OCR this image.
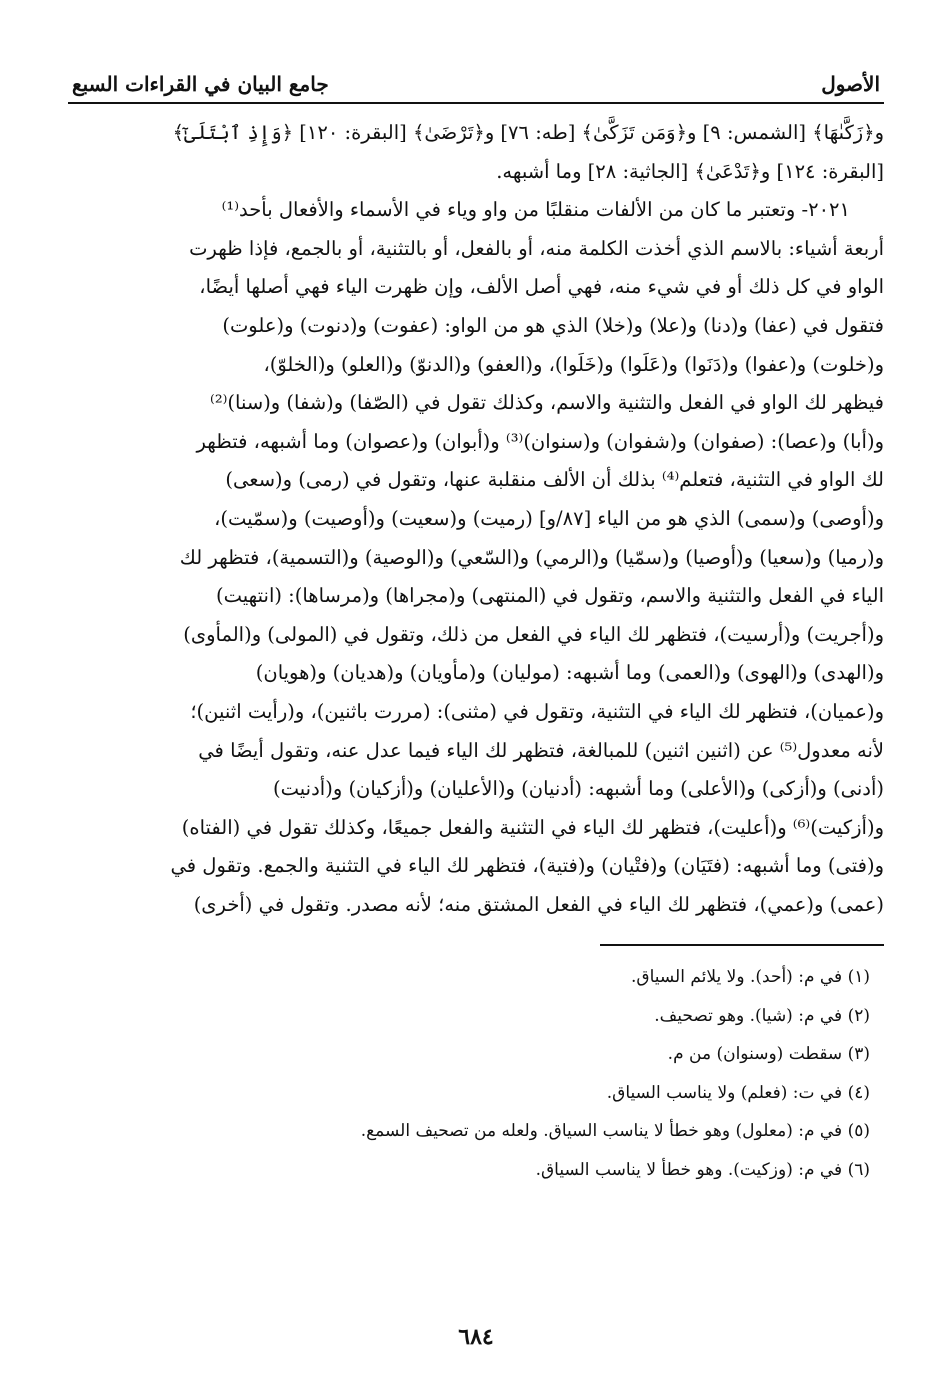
الأصول
جامع البيان في القراءات السبع

و﴿زَكَّىٰهَا﴾ [الشمس: ٩] و﴿وَمَن تَزَكَّىٰ﴾ [طه: ٧٦] و﴿تَرْضَىٰ﴾ [البقرة: ١٢٠] ﴿وَإِذِ ٱبْتَلَىٰٓ﴾

[البقرة: ١٢٤] و﴿تَدْعَىٰ﴾ [الجاثية: ٢٨] وما أشبهه.

٢٠٢١- وتعتبر ما كان من الألفات منقلبًا من واو وياء في الأسماء والأفعال بأحد⁽¹⁾

أربعة أشياء: بالاسم الذي أخذت الكلمة منه، أو بالفعل، أو بالتثنية، أو بالجمع، فإذا ظهرت

الواو في كل ذلك أو في شيء منه، فهي أصل الألف، وإن ظهرت الياء فهي أصلها أيضًا،

فتقول في (عفا) و(دنا) و(علا) و(خلا) الذي هو من الواو: (عفوت) و(دنوت) و(علوت)

و(خلوت) و(عفوا) و(دَنَوا) و(عَلَوا) و(خَلَوا)، و(العفو) و(الدنوّ) و(العلو) و(الخلوّ)،

فيظهر لك الواو في الفعل والتثنية والاسم، وكذلك تقول في (الصّفا) و(شفا) و(سنا)⁽²⁾

و(أبا) و(عصا): (صفوان) و(شفوان) و(سنوان)⁽³⁾ و(أبوان) و(عصوان) وما أشبهه، فتظهر

لك الواو في التثنية، فتعلم⁽⁴⁾ بذلك أن الألف منقلبة عنها، وتقول في (رمى) و(سعى)

و(أوصى) و(سمى) الذي هو من الياء [٨٧/و] (رميت) و(سعيت) و(أوصيت) و(سمّيت)،

و(رميا) و(سعيا) و(أوصيا) و(سمّيا) و(الرمي) و(السّعي) و(الوصية) و(التسمية)، فتظهر لك

الياء في الفعل والتثنية والاسم، وتقول في (المنتهى) و(مجراها) و(مرساها): (انتهيت)

و(أجريت) و(أرسيت)، فتظهر لك الياء في الفعل من ذلك، وتقول في (المولى) و(المأوى)

و(الهدى) و(الهوى) و(العمى) وما أشبهه: (موليان) و(مأويان) و(هديان) و(هويان)

و(عميان)، فتظهر لك الياء في التثنية، وتقول في (مثنى): (مررت باثنين)، و(رأيت اثنين)؛

لأنه معدول⁽⁵⁾ عن (اثنين اثنين) للمبالغة، فتظهر لك الياء فيما عدل عنه، وتقول أيضًا في

(أدنى) و(أزكى) و(الأعلى) وما أشبهه: (أدنيان) و(الأعليان) و(أزكيان) و(أدنيت)

و(أزكيت)⁽⁶⁾ و(أعليت)، فتظهر لك الياء في التثنية والفعل جميعًا، وكذلك تقول في (الفتاه)

و(فتى) وما أشبهه: (فتَيَان) و(فتْيان) و(فتية)، فتظهر لك الياء في التثنية والجمع. وتقول في

(عمى) و(عمي)، فتظهر لك الياء في الفعل المشتق منه؛ لأنه مصدر. وتقول في (أخرى)

(١) في م: (أحد). ولا يلائم السياق.
(٢) في م: (شيا). وهو تصحيف.
(٣) سقطت (وسنوان) من م.
(٤) في ت: (فعلم) ولا يناسب السياق.
(٥) في م: (معلول) وهو خطأ لا يناسب السياق. ولعله من تصحيف السمع.
(٦) في م: (وزكيت). وهو خطأ لا يناسب السياق.
٦٨٤
